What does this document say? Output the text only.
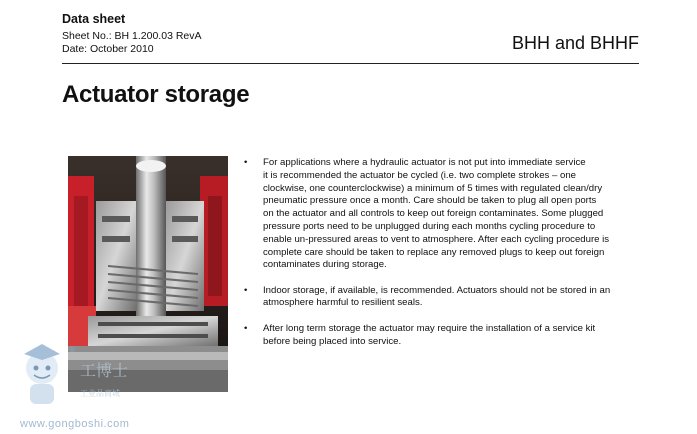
Data sheet
Sheet No.: BH 1.200.03 RevA
Date: October 2010	BHH and BHHF
Actuator storage
• For applications where a hydraulic actuator is not put into immediate service
it is recommended the actuator be cycled (i.e. two complete strokes – one
clockwise, one counterclockwise) a minimum of 5 times with regulated clean/dry
pneumatic pressure once a month. Care should be taken to plug all open ports
on the actuator and all controls to keep out foreign contaminates. Some plugged
pressure ports need to be unplugged during each months cycling procedure to
enable un-pressured areas to vent to atmosphere. After each cycling procedure is
complete care should be taken to replace any removed plugs to keep out foreign
contaminates during storage.
• Indoor storage, if available, is recommended. Actuators should not be stored in an
atmosphere harmful to resilient seals.
• After long term storage the actuator may require the installation of a service kit
before being placed into service.
®
工博士
工业品商城
www.gongboshi.com
